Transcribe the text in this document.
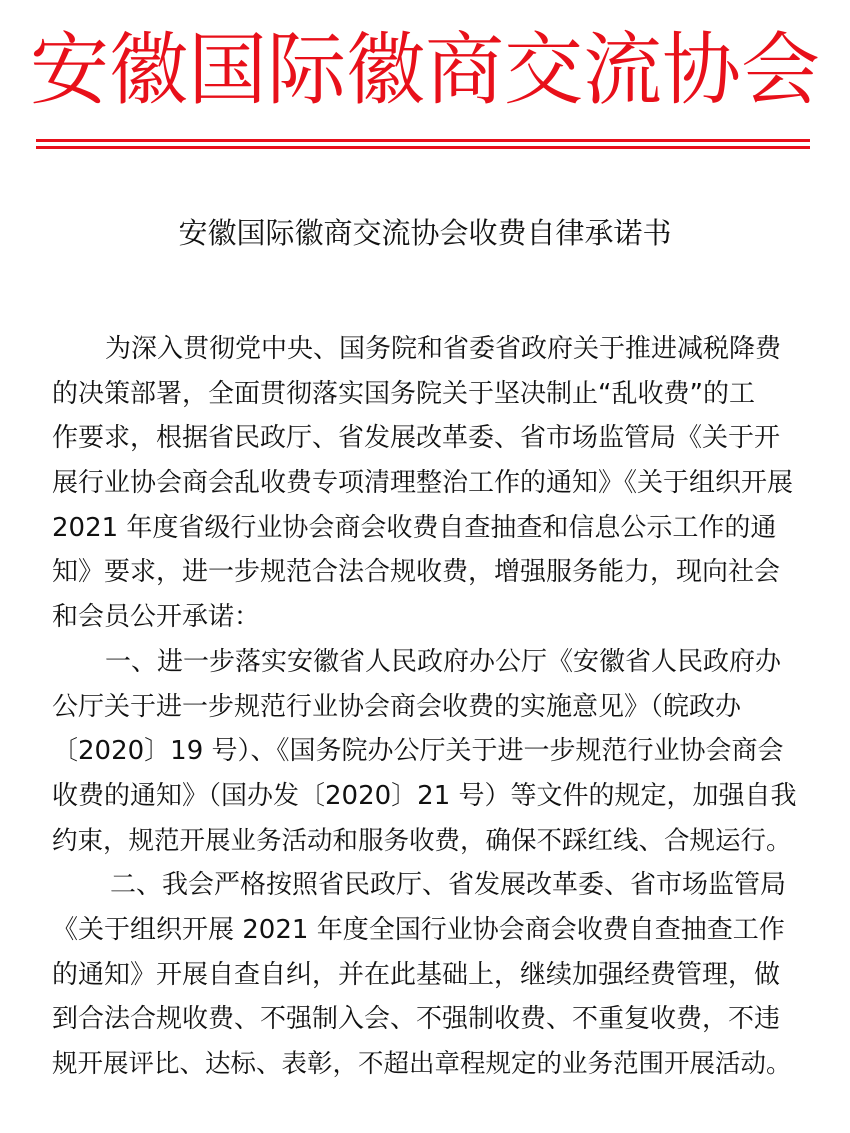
安徽国际徽商交流协会
安徽国际徽商交流协会收费自律承诺书
为深入贯彻党中央、国务院和省委省政府关于推进减税降费
的决策部署，全面贯彻落实国务院关于坚决制止“乱收费”的工
作要求，根据省民政厅、省发展改革委、省市场监管局《关于开
展行业协会商会乱收费专项清理整治工作的通知》《关于组织开展
2021 年度省级行业协会商会收费自查抽查和信息公示工作的通
知》要求，进一步规范合法合规收费，增强服务能力，现向社会
和会员公开承诺：
一、进一步落实安徽省人民政府办公厅《安徽省人民政府办
公厅关于进一步规范行业协会商会收费的实施意见》（皖政办
〔2020〕19 号）、《国务院办公厅关于进一步规范行业协会商会
收费的通知》（国办发〔2020〕21 号）等文件的规定，加强自我
约束，规范开展业务活动和服务收费，确保不踩红线、合规运行。
二、我会严格按照省民政厅、省发展改革委、省市场监管局
《关于组织开展 2021 年度全国行业协会商会收费自查抽查工作
的通知》开展自查自纠，并在此基础上，继续加强经费管理，做
到合法合规收费、不强制入会、不强制收费、不重复收费，不违
规开展评比、达标、表彰，不超出章程规定的业务范围开展活动。
